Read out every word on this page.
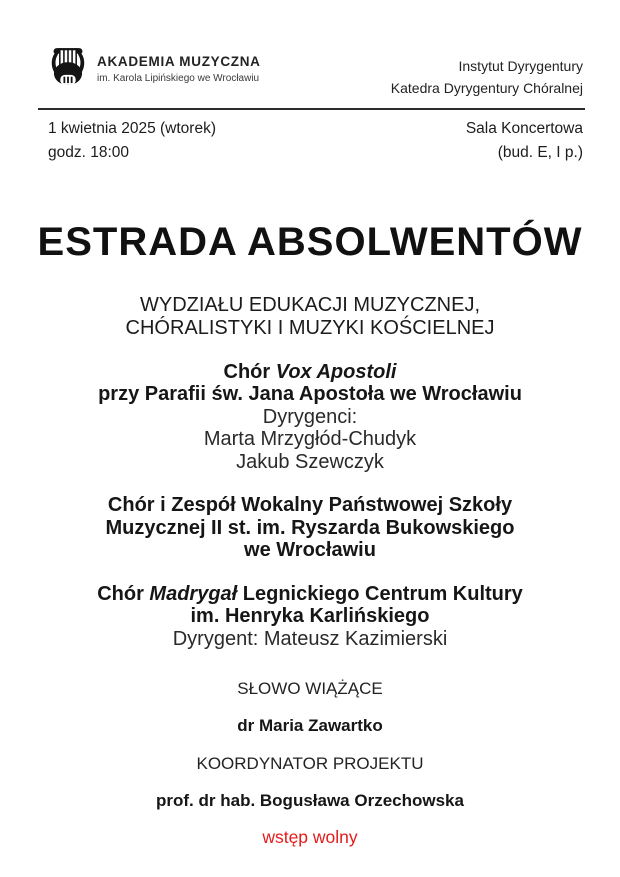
AKADEMIA MUZYCZNA
im. Karola Lipińskiego we Wrocławiu
Instytut Dyrygentury
Katedra Dyrygentury Chóralnej
1 kwietnia 2025 (wtorek)
godz. 18:00
Sala Koncertowa
(bud. E, I p.)
ESTRADA ABSOLWENTÓW
WYDZIAŁU EDUKACJI MUZYCZNEJ,
CHÓRALISTYKI I MUZYKI KOŚCIELNEJ
Chór Vox Apostoli
przy Parafii św. Jana Apostoła we Wrocławiu
Dyrygenci:
Marta Mrzygłód-Chudyk
Jakub Szewczyk
Chór i Zespół Wokalny Państwowej Szkoły
Muzycznej II st. im. Ryszarda Bukowskiego
we Wrocławiu
Chór Madrygał Legnickiego Centrum Kultury
im. Henryka Karlińskiego
Dyrygent: Mateusz Kazimierski
SŁOWO WIĄŻĄCE
dr Maria Zawartko
KOORDYNATOR PROJEKTU
prof. dr hab. Bogusława Orzechowska
wstęp wolny
